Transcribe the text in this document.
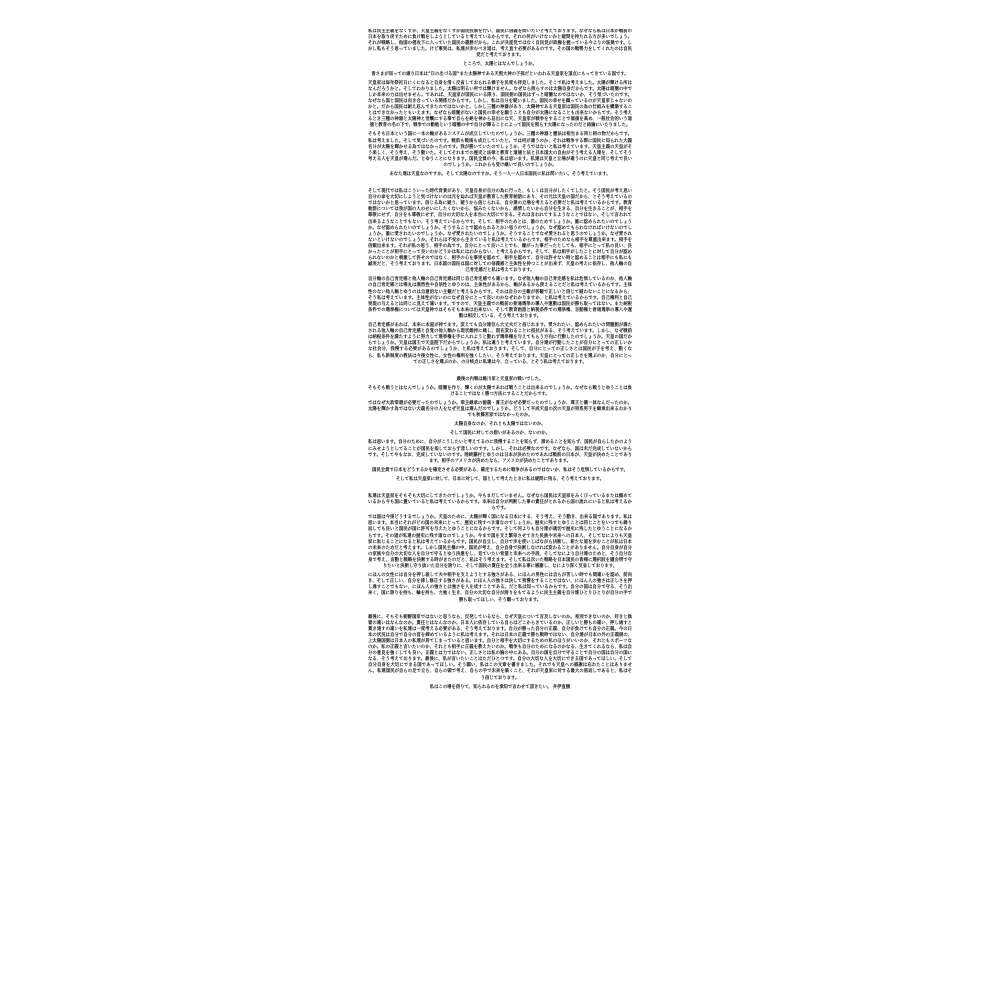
私は民主主義をなくすか、天皇主義をなくすか国民投票を行い、国民に信義を問いたいと考えております。なぜなら私は日本が戦前の日本を取り戻すために負け戦をしようとしていると考えているからです。それの何がいけないかと疑問を持たれる方が多いでしょう。それが戦略し、他国の侵攻下に入っていた国民の義務だから。これが共産党ではなく自民党が政権を握っている今よりの証拠です。しかし私もそう思っていました。けど事実は、私達が歩むべき道は、考え直す必要があるのです。その国の戦勢力をしてくれたのは自民党だと考えております。

ところで、太陽とはなんでしょうか。

皆さまが知っての通り日本は”日の出づる国”また太陽神である天照大神の子孫だといわれる天皇家を頂点にもってきている国です。

天皇家は毎年祭祀日にくになると自身を清く反省しておられる様子を民度も拝見しました。そこで私は考えました。太陽が輝ける所はなんだろうかと。そしてわかりました。太陽は明るい所では輝けません。なぜなら照らすのは太陽自身だからです。太陽は暗闇の中でしか本来の力は出せません。であれば、天皇家が国民にいる限り、国民側の国民はずっと暗闇なのではないか、そう気づいたのです。なぜなら国と国民は向き合っている関係だからです。しかし、私は自分を疑いました。国民の幸せを願っているのが天皇家じゃないのかと。だから国民は耐え忍んできたのではないかと。しかし三種の神器があり、太陽神である天皇家は国民の為の仕組みを構築することはできなかったともいえます。なぜなら暗闇がないと国民の幸せを願うことも自分が太陽になることも出来ないからです。そう考えるとき三種の神器と太陽神と世襲にする事で自らを絶を神から忌出にな天、天皇家が戦争をすることで価値を高め、一般社会的いう道徳と教育の名の下で、戦争での勤勉という暗闇の中で自分が輝ることによって国民を照らす太陽になったのだと結論にいたりました。

そもそも日本という国に一本の軸があるシステムが成立していたのでしょうか。三種の神器と憲法は相当まる同じ根の物だからです。私は考えました。そして気づいたのです。戦前も戦後も成立していたと。では何が違うのか、それは戦争する際に国民に知られた大義名分が太陽を輝かせる為ではなかったのです。我が勝いていたのでしょうか、そうではないと私は考えています。天皇主義の天皇がそう楽しく、そう考え、そう動いた。そしてそれまでの歴史と法律と教育と道徳と法と日本国大の自由がそう考える人達を、そしてそう考える人を天皇が選んだ。とゆうことになります。国民全員の今、私は思います。私達は天皇と立場が違うのに天皇と同じ考えで良いのでしょうか。これからも受け継いで良いのでしょうか。

あなた達は天皇なのですか。そして太陽なのですか。そう一人一人日本国民に私は問いたい。そう考えています。

そして現代では私はこういった時代背景があり、天皇自身が自分の為に行った、もしくは自分がしたくてしたと。そう国民が考え思い自分の命を大切にしようと気づけないのは元を辿れば天皇が教育した教育勅語にあり、その元は天皇の国だから、とそう考えているのではないかと思っています。信じる為に疑う、疑うから信じられる、自分達の立場を考えると必要だと私は考えているからです。教育勅語については我が国の人のせいにしたくないから、悩みたくないから、感情したいから自分を生きる、自分を生きることが、相手を尊敬にせず、自分をも尊敬にせず、自分の大切な人を本当に大切にできる。それは言われてするようなことではない、そして言われて出来るようなことでもない、そう考えているからです。そして、相手のためとは、誰のためでしょうか。誰に認められたいのでしょうか。なぜ認められたいのでしょうか。そうすることで認められるとかい思うのでしょうか。なぜ認めてもらわなければいけないのでしょうか。誰に愛されたいのでしょうか。なぜ愛されたいのでしょうか。そうすることでなぜ愛されると思うのでしょうか。なぜ愛されないといけないのでしょうか。それらは不安から生きていると私は考えているからです。相手のためなら相手を尊重出来ます。相手を信頼出来ます。それが私の思う、相手の為です。自分にとって良いことでも、嫌がった事だったとしても、相手にとって私の良い、良かったことが相手にとって良いのかどうかは私にはわからない、と考えるからです。そして、私は相手がしたことに対して自分が認められないのかと刺激して許せのではなく、相手の心を事実を認めて、相手を認めて、自分は許せない時と認めることは相手にも私にも誠実だと、そう考えております。日本国の国民は国に対しての信義感と主体性を持つことが出来ず、天皇の考えに依存し、他人軸の自己肯定感だと私は考えております。

自分軸の自己肯定感と他人軸の自己肯定感は同じ自己肯定感でも違います。なぜ他人軸の自己肯定感を私は危惧しているのか、他人軸の自己肯定感とは弾丸は漠然性や自信性とゆうのは、主体性があるから、軸があるから使えることだと私は考えているからです。主体性のない他人軸とゆうのは自意的ない主観だと考えるからです。それは自分の主観が客観で正しいと信じて疑わないことになるから、そう私は考えています。主体性がないのになぜ自分にとって良いのかなぜわかりますか、と私は考えているからです。自己権利と自己実現の与えるとは同じに見えて違います。ですので、天皇主義での戦前の普通選挙の導入や運動は国民が勝ち取ってはない。また納税条件での選挙権については天皇神ではそもそも本来は出来ない、そして教育勅語と納税条件での選挙権、言動権と普通選挙の導入や運動は相反している、そう考えております。

自己肯定感があれば、本来に本屋が持てます。変えても自分達位ら大丈夫だと信じれます。愛されたい、認められたいの問題側が満たされる他人軸の自己肯定感と自覚の他人軸から現状維持に繰し、現在変わることに抵抗がある、そう考えています。しかし、なぜ戦前は納税条件を満たすように努力して選挙権を手に入れようと動わず選挙権を与えてもらう方向に行動したのでしょうか。天皇の国だからでしょうか。天皇は国王で天皇陛下だからでしょうか。私は違うと考えています。自分達が行動したことが自分にとっての正しいかな社会分、我慢する必要があるのでしょうか、と私は考えております。そして、自分にとっての正しさとは国民が子を考え、動くなら、私も新制度の教法は今後女性に、女性の権利を強くしたい、そう考えております。天皇にとっての正しさを選ぶのか、自分にとっての正しさを選ぶのか、の分岐点に私達は今、立っている、とそう私は考えております。

最後の内戦は維川家と天皇家の戦いでした。

そもそも戦うとはなんでしょうか。暗闇を作り、輝くのが太陽であれば戦うことは出来るのでしょうか。なぜなら戦うとゆうことは負けることではなく勝つ方法にすることだからです。

ではなぜ大政奉還が必要だったのでしょうか。奉主継承の徳義・喜王がなぜ必要だったのでしょうか、尊王と攘一体なんだったのか。太陽を輝かす為ではない大義名分の人をなぜ天皇は選んだのでしょうか。どうして平成天皇の次の天皇が男系男子を継承出来るわかりでも秋篠宮家ではなかったのか。

太陽自身なのか、それとも太陽ではないのか。

そして国民に対しての想いがあるのか、ないのか。

私は思います。自分のために、自分がこうしたいと考えてるのに我慢することを知らず、諦めることを知らず、国民が自らしたかのようにみせようとしてることが国民を指しておらず悲しいのです。しかし、それは必要なのです。なぜなら、国は未だ完成していないからです。そしてやもなお、完成していないのです。陸続羅村とゆうのは日本が決めたのであれば戦前の日本が、天皇が決めたことであります。相手のアメリカが決めたなら、アメリカが決めたことであります。

国民全員で日本をどうするかを確定させる必要がある、確定するために戦争があるのではないか、私はそう危惧しているからです。

そして私は天皇家に対して、日本に対して、国として考えたときに私は疑問に残る、そう考えております。

私達は天皇家をそもそも大切にしてきたのでしょうか。今もまだしていません。なぜなら国民は天皇家をみくびっているまたは頼めているから今も国に置いていると私は考えているからです。本来は自分が判断した事の責任がとれるから国の流れにいると私は考えるからです。

では国は今後どうするでしょうか。天皇のために、太陽が輝く国になる日本にする、そう考え、そう動き、出来る国であります。私は思います。本当にそれがどの国の未来にとって、歴史に残すべき道なのでしょうか。歴史に残すとゆうことは同じことをいつでも繰り返しても良いと国民が国に許可を与えたとゆうことになるからです。そして何よりも自分達が適切で歴史に残したとゆうことになるからです。その道が私達の歴史に残す道なのでしょうか。今まで国を支え繁栄させてきた民族や未来への日本人、そしてなによりも天皇家に恥じることになると私は考えているからです。国民が自立し、自分で歩を使いしばながら決断し、新たな道を歩むことが私は日本の未来のためだと考えます。しかし国民主権の中、国民が考え、自分自身で決断しなければ変わることがありません。自分自身が自分の家族や自分の大切な人を自分で守るとゆう決意をし、見ていたい希望と未来への手段、そしてなにより自分達のためと、そう自分自身で考え、言動と戦略を決断する時がきたのだと、私はそう考えます。そして私は次いた戦略を日本国民の皆様に選択肢を議会帯で守りたいと決断し守り抜いた自分を誇りに、そして国民の責任を全う出来る事に感謝し、なにより深く反省しております。

にほんの女性には自分を押し殺して夫や相手を支えようとする強さがある、にほんの男性には自らが苦しい時でも間違いを認め、前向き、そして正しい、自分を律し修正する強さがある。にほん人の強さは決して我慢をすることではない、にほん人の強さは正しさを押し通すことでもない、にほん人の強さとは強さを人を成すことである。だと私は知っているからです。自分の国は自分で守る、そう出来く、国に誇りを持ち、輪を持ち、力強く生き、自分の大切な自分が誇りをもてるように民主主義を自分達ひとりひとりが自分の手で勝ち取ってほしい、そう願っております。

最後に、そもそも朝鮮国家ではないと思うなら、反発しているなら、なぜ天皇について言及しないのか。差別できないのか、好きと執着の違いはなんなのか。責任とはなんなのか。日本人に依存している自らはどこからきているのか。正しいと勝ちの違い、押し通すと貫き通すの違いを私達は一度考える必要がある、そう考えております。自分が勝った自分の正義、自分が負けても自分の正義。今の日本の状況は自分で自分の首を締めているように私は考えます。それは日本の正義で勝ち戦時ではない、自分達が日本の外の正義側の、上太陽国側は日本人の私達が居てしまっていると思います。自分と相手を大切にするための私のほうがいいのか、それともスポーツなのか。私の正義と言いたいのか、それとも相手に正義を教えたいのか。戦争も自分のためになるのかなる、生きてくれるなら、私は自分の意見を強くしても良い。正義とは力ではない。正しさとは私の胸の中にある。自分の国を自分で守ることで自分の国は自分の国になる、そう考えております。最後に、私が言いたいことはただひとつです。自分の大切な人を大切にできる国であってほしい。そして自分自身を大切にできる国であってほしい。そう願い、私はこの文章を書きました。それでも天皇への感謝は忘れたことはありません。私達国民が自らの足で立ち、自らの頭で考え、自らの手で未来を築くこと、それが天皇家に対する最大の恩返しであると、私はそう信じております。

私はこの場を借りて、知られるのを承知で言わせて頂きたい。 井伊直樹
